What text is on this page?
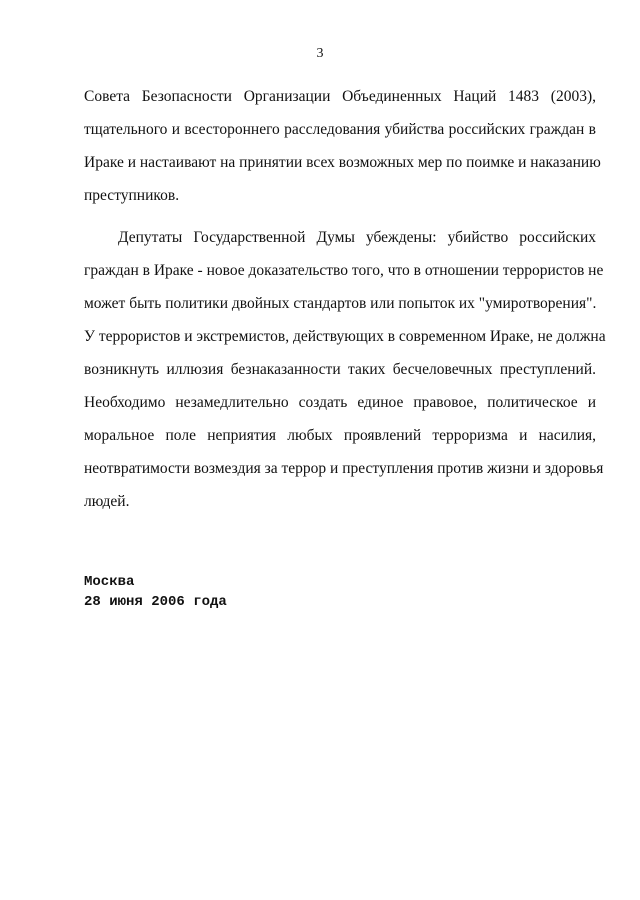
3
Совета Безопасности Организации Объединенных Наций 1483 (2003),
тщательного и всестороннего расследования убийства российских граждан в
Ираке и настаивают на принятии всех возможных мер по поимке и наказанию
преступников.
Депутаты Государственной Думы убеждены: убийство российских
граждан в Ираке - новое доказательство того, что в отношении террористов не
может быть политики двойных стандартов или попыток их "умиротворения".
У террористов и экстремистов, действующих в современном Ираке, не должна
возникнуть иллюзия безнаказанности таких бесчеловечных преступлений.
Необходимо незамедлительно создать единое правовое, политическое и
моральное поле неприятия любых проявлений терроризма и насилия,
неотвратимости возмездия за террор и преступления против жизни и здоровья
людей.
Москва
28 июня 2006 года
